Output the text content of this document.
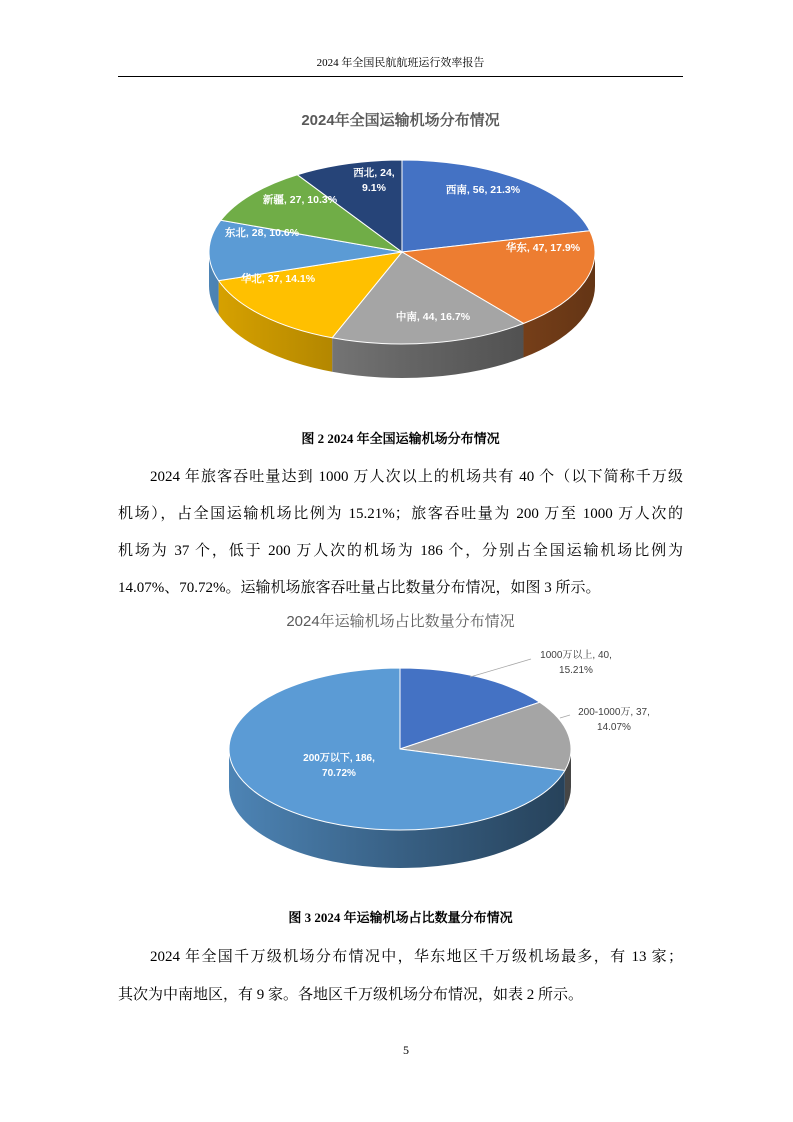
2024 年全国民航航班运行效率报告
2024年全国运输机场分布情况
西南, 56, 21.3%
华东, 47, 17.9%
中南, 44, 16.7%
华北, 37, 14.1%
东北, 28, 10.6%
新疆, 27, 10.3%
西北, 24, 9.1%
图 2 2024 年全国运输机场分布情况
2024 年旅客吞吐量达到 1000 万人次以上的机场共有 40 个（以下简称千万级
机场），占全国运输机场比例为 15.21%；旅客吞吐量为 200 万至 1000 万人次的
机场为 37 个，低于 200 万人次的机场为 186 个，分别占全国运输机场比例为
14.07%、70.72%。运输机场旅客吞吐量占比数量分布情况，如图 3 所示。
2024年运输机场占比数量分布情况
1000万以上, 40, 15.21%
200-1000万, 37, 14.07%
200万以下, 186, 70.72%
图 3 2024 年运输机场占比数量分布情况
2024 年全国千万级机场分布情况中，华东地区千万级机场最多，有 13 家；
其次为中南地区，有 9 家。各地区千万级机场分布情况，如表 2 所示。
5
